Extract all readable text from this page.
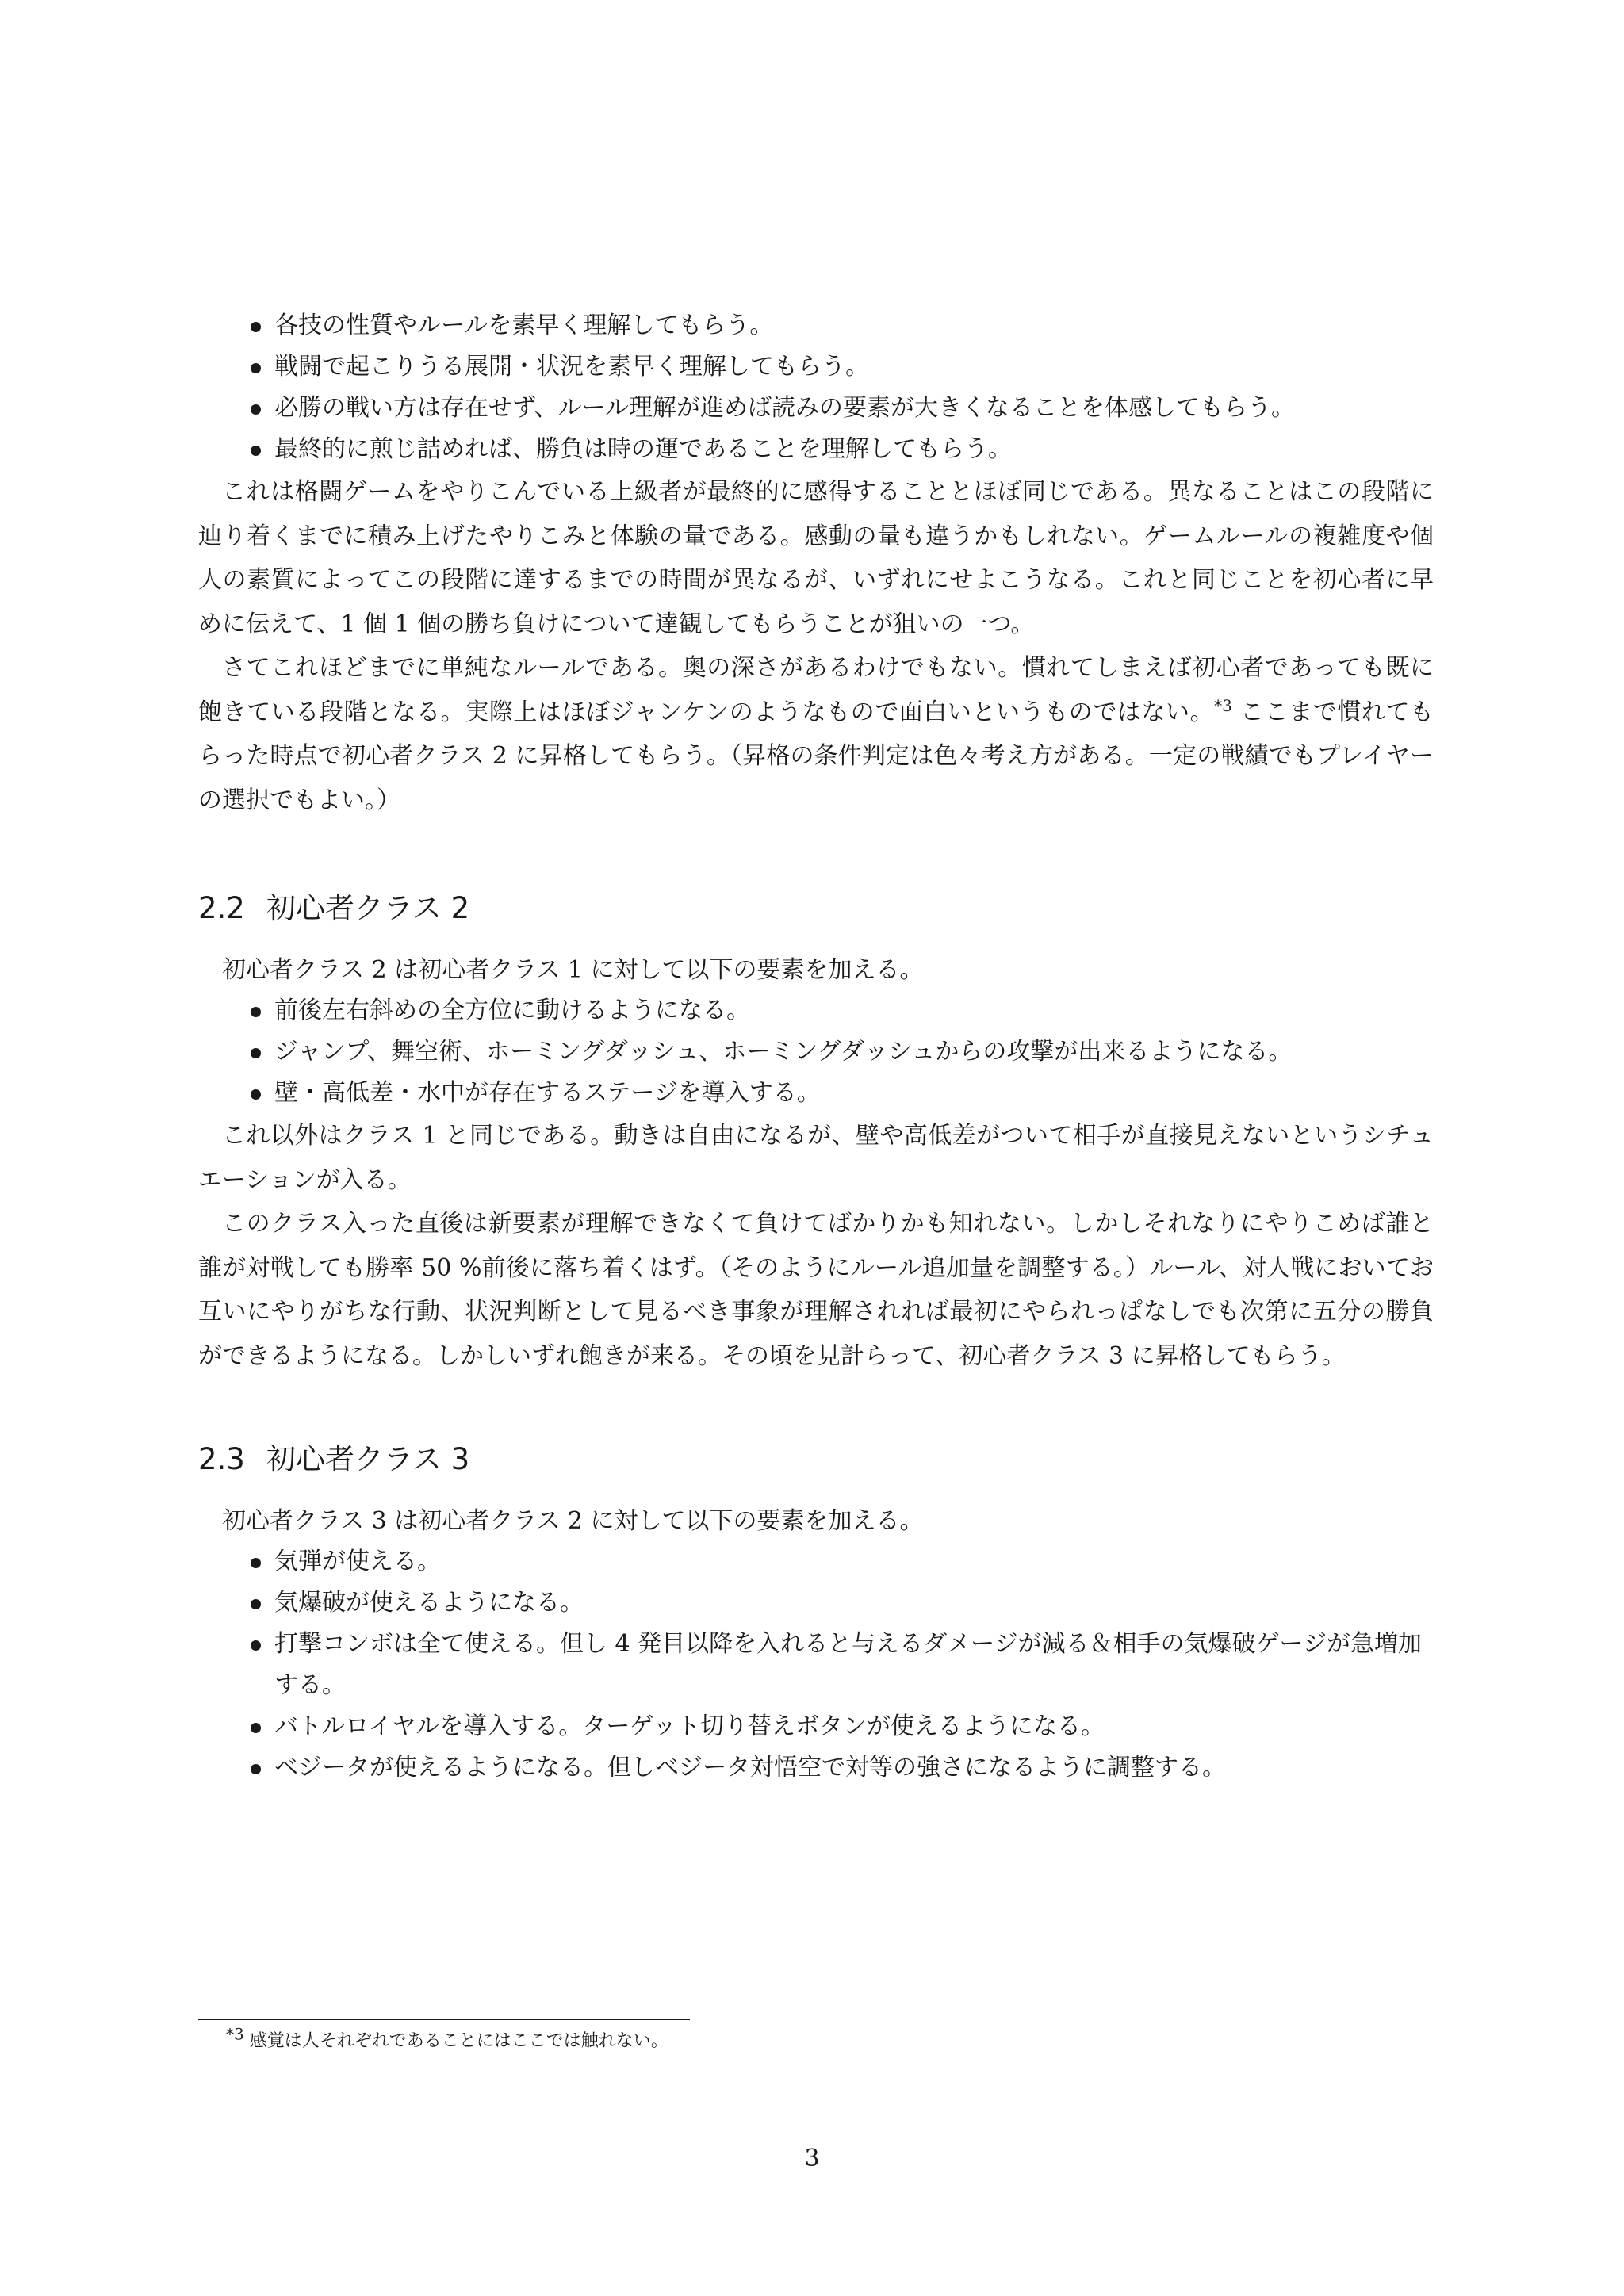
各技の性質やルールを素早く理解してもらう。
戦闘で起こりうる展開・状況を素早く理解してもらう。
必勝の戦い方は存在せず、ルール理解が進めば読みの要素が大きくなることを体感してもらう。
最終的に煎じ詰めれば、勝負は時の運であることを理解してもらう。

これは格闘ゲームをやりこんでいる上級者が最終的に感得することとほぼ同じである。異なることはこの段階に辿り着くまでに積み上げたやりこみと体験の量である。感動の量も違うかもしれない。ゲームルールの複雑度や個人の素質によってこの段階に達するまでの時間が異なるが、いずれにせよこうなる。これと同じことを初心者に早めに伝えて、1 個 1 個の勝ち負けについて達観してもらうことが狙いの一つ。

さてこれほどまでに単純なルールである。奥の深さがあるわけでもない。慣れてしまえば初心者であっても既に飽きている段階となる。実際上はほぼジャンケンのようなもので面白いというものではない。$^{*3}$ ここまで慣れてもらった時点で初心者クラス 2 に昇格してもらう。（昇格の条件判定は色々考え方がある。一定の戦績でもプレイヤーの選択でもよい。）

2.2 初心者クラス 2

初心者クラス 2 は初心者クラス 1 に対して以下の要素を加える。

前後左右斜めの全方位に動けるようになる。
ジャンプ、舞空術、ホーミングダッシュ、ホーミングダッシュからの攻撃が出来るようになる。
壁・高低差・水中が存在するステージを導入する。

これ以外はクラス 1 と同じである。動きは自由になるが、壁や高低差がついて相手が直接見えないというシチュエーションが入る。

このクラス入った直後は新要素が理解できなくて負けてばかりかも知れない。しかしそれなりにやりこめば誰と誰が対戦しても勝率 50 %前後に落ち着くはず。（そのようにルール追加量を調整する。）ルール、対人戦においてお互いにやりがちな行動、状況判断として見るべき事象が理解されれば最初にやられっぱなしでも次第に五分の勝負ができるようになる。しかしいずれ飽きが来る。その頃を見計らって、初心者クラス 3 に昇格してもらう。

2.3 初心者クラス 3

初心者クラス 3 は初心者クラス 2 に対して以下の要素を加える。

気弾が使える。
気爆破が使えるようになる。
打撃コンボは全て使える。但し 4 発目以降を入れると与えるダメージが減る＆相手の気爆破ゲージが急増加する。
バトルロイヤルを導入する。ターゲット切り替えボタンが使えるようになる。
ベジータが使えるようになる。但しベジータ対悟空で対等の強さになるように調整する。
$^{*3}$ 感覚は人それぞれであることにはここでは触れない。
3
